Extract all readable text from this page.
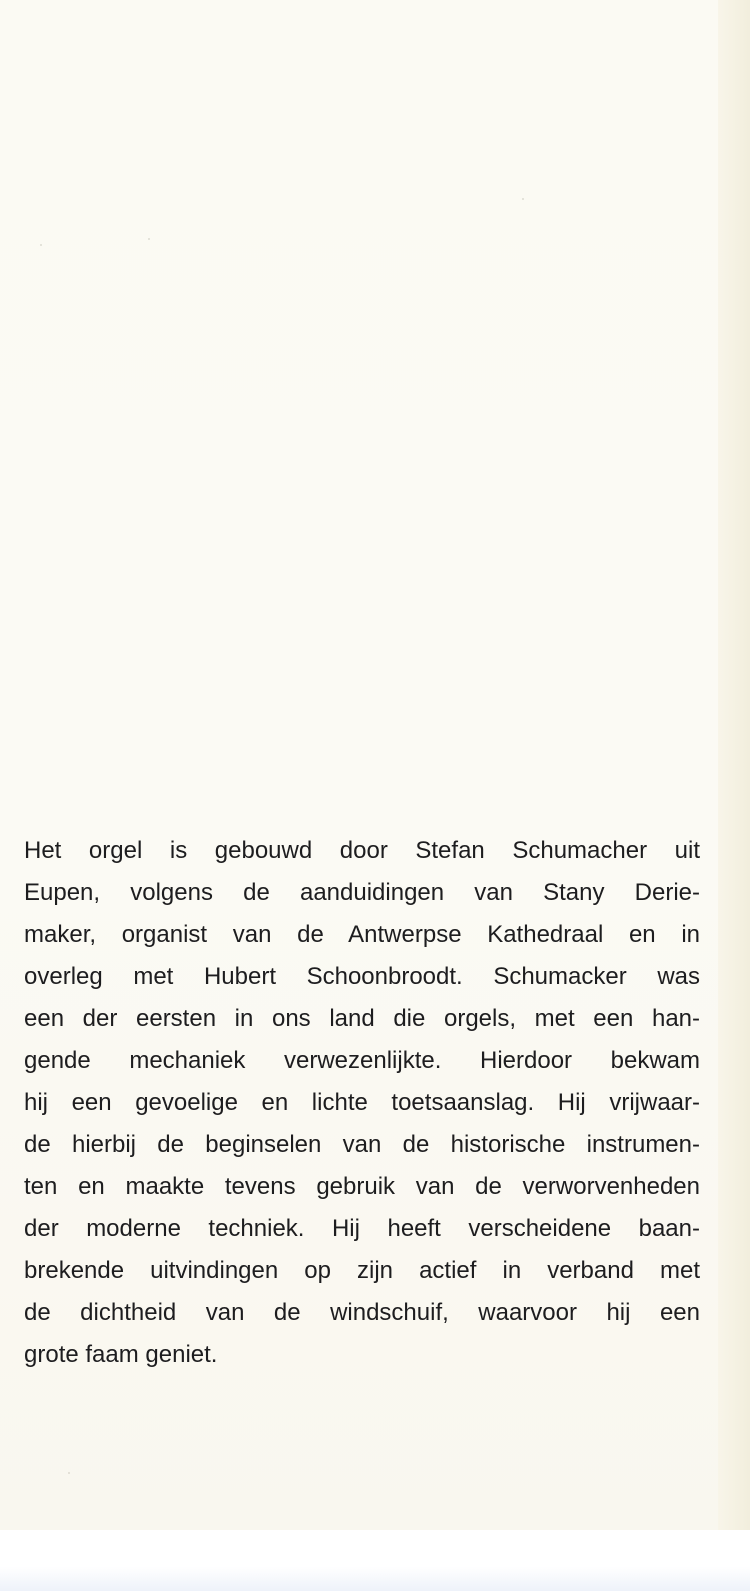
Het orgel is gebouwd door Stefan Schumacher uit
Eupen, volgens de aanduidingen van Stany Derie-
maker, organist van de Antwerpse Kathedraal en in
overleg met Hubert Schoonbroodt. Schumacker was
een der eersten in ons land die orgels, met een han-
gende mechaniek verwezenlijkte. Hierdoor bekwam
hij een gevoelige en lichte toetsaanslag. Hij vrijwaar-
de hierbij de beginselen van de historische instrumen-
ten en maakte tevens gebruik van de verworvenheden
der moderne techniek. Hij heeft verscheidene baan-
brekende uitvindingen op zijn actief in verband met
de dichtheid van de windschuif, waarvoor hij een
grote faam geniet.
